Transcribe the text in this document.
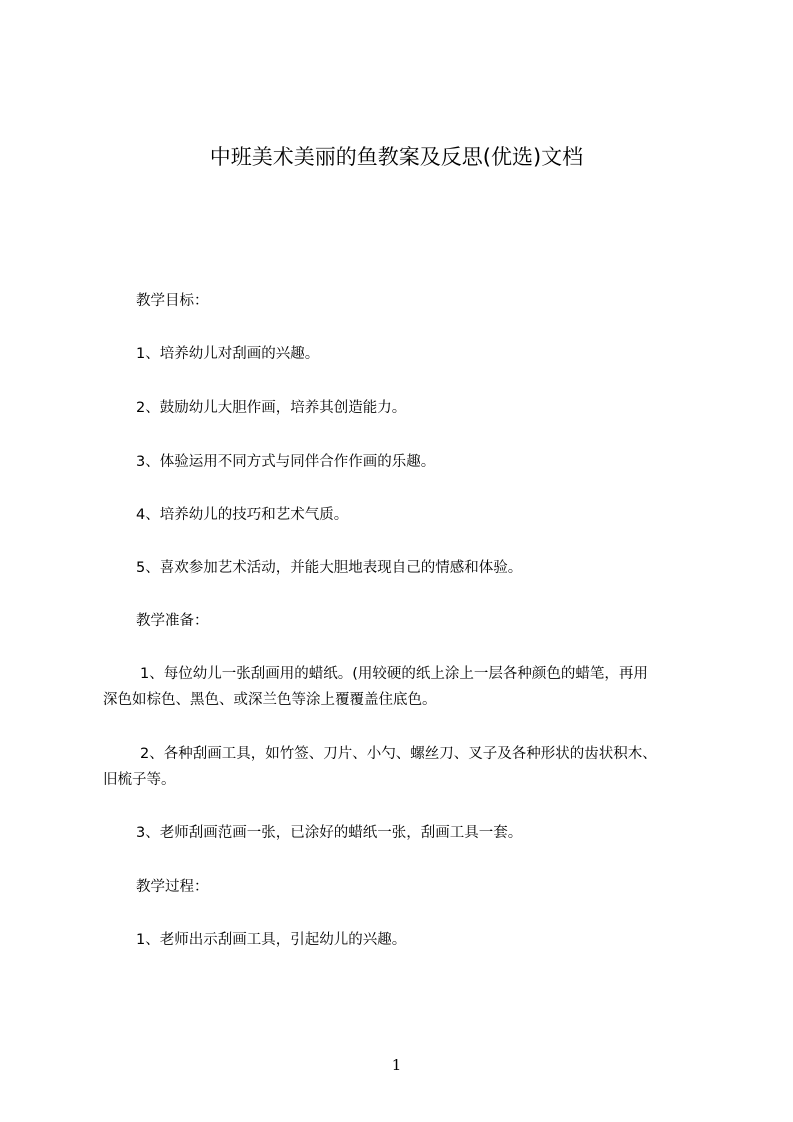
中班美术美丽的鱼教案及反思(优选)文档
教学目标：
1、培养幼儿对刮画的兴趣。
2、鼓励幼儿大胆作画，培养其创造能力。
3、体验运用不同方式与同伴合作作画的乐趣。
4、培养幼儿的技巧和艺术气质。
5、喜欢参加艺术活动，并能大胆地表现自己的情感和体验。
教学准备：
1、每位幼儿一张刮画用的蜡纸。(用较硬的纸上涂上一层各种颜色的蜡笔，再用
深色如棕色、黑色、或深兰色等涂上覆覆盖住底色。
2、各种刮画工具，如竹签、刀片、小勺、螺丝刀、叉子及各种形状的齿状积木、
旧梳子等。
3、老师刮画范画一张，已涂好的蜡纸一张，刮画工具一套。
教学过程：
1、老师出示刮画工具，引起幼儿的兴趣。
1
